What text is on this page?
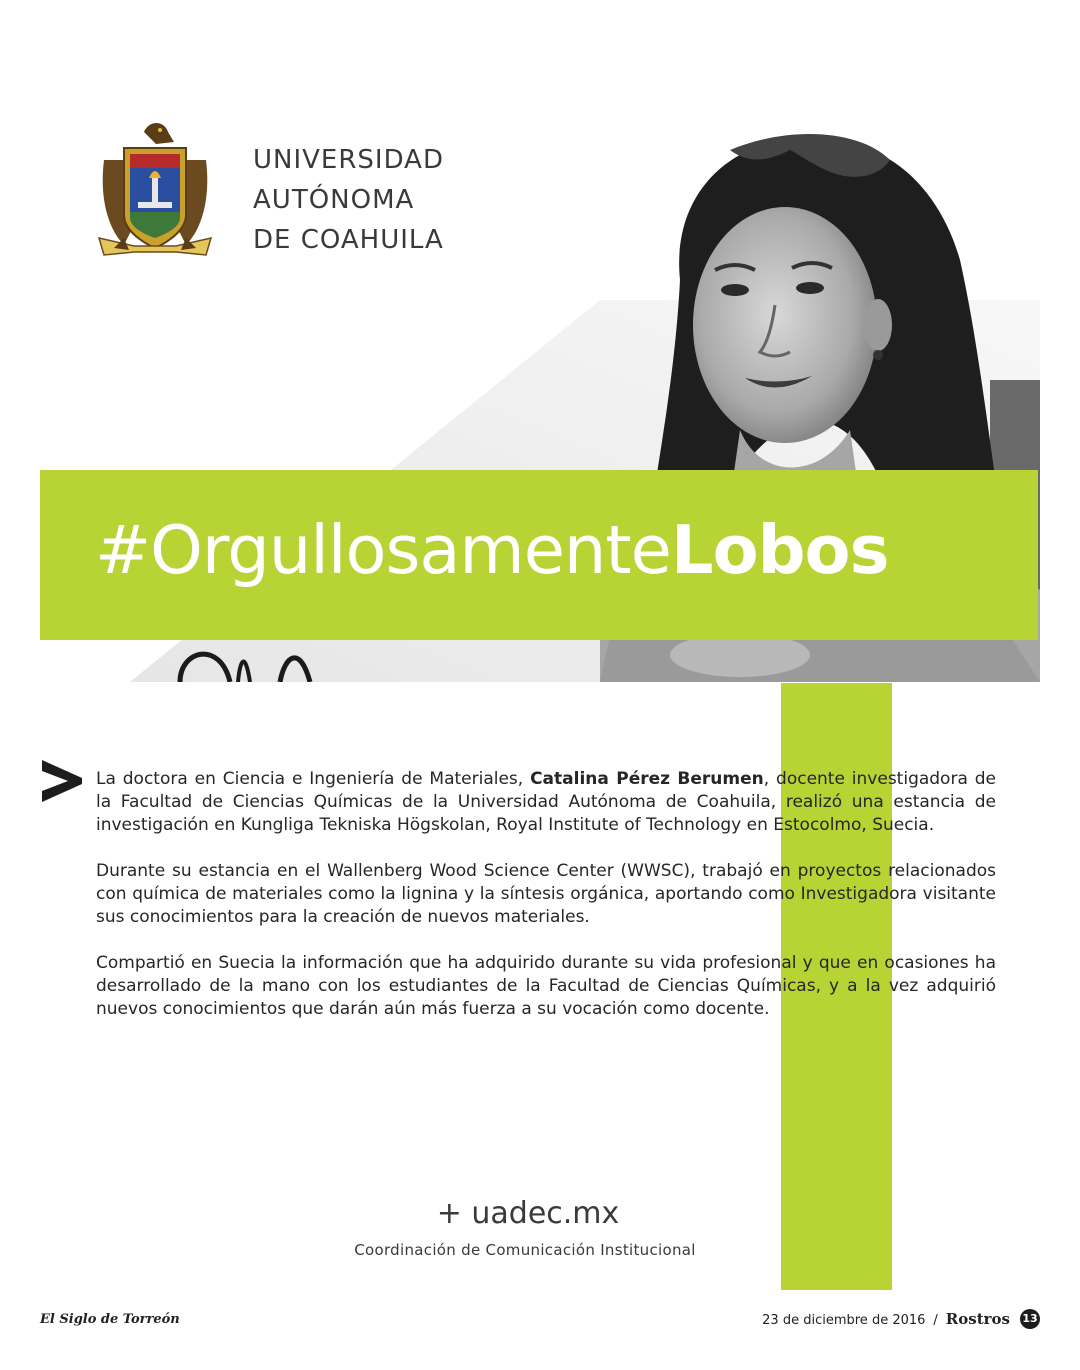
UNIVERSIDAD
AUTÓNOMA
DE COAHUILA
#OrgullosamenteLobos

La doctora en Ciencia e Ingeniería de Materiales, Catalina Pérez Berumen, docente investigadora de la Facultad de Ciencias Químicas de la Universidad Autónoma de Coahuila, realizó una estancia de investigación en Kungliga Tekniska Högskolan, Royal Institute of Technology en Estocolmo, Suecia.

Durante su estancia en el Wallenberg Wood Science Center (WWSC), trabajó en proyectos relacionados con química de materiales como la lignina y la síntesis orgánica, aportando como Investigadora visitante sus conocimientos para la creación de nuevos materiales.

Compartió en Suecia la información que ha adquirido durante su vida profesional y que en ocasiones ha desarrollado de la mano con los estudiantes de la Facultad de Ciencias Químicas, y a la vez adquirió nuevos conocimientos que darán aún más fuerza a su vocación como docente.

+ uadec.mx
Coordinación de Comunicación Institucional
El Siglo de Torreón	23 de diciembre de 2016 / Rostros 13
